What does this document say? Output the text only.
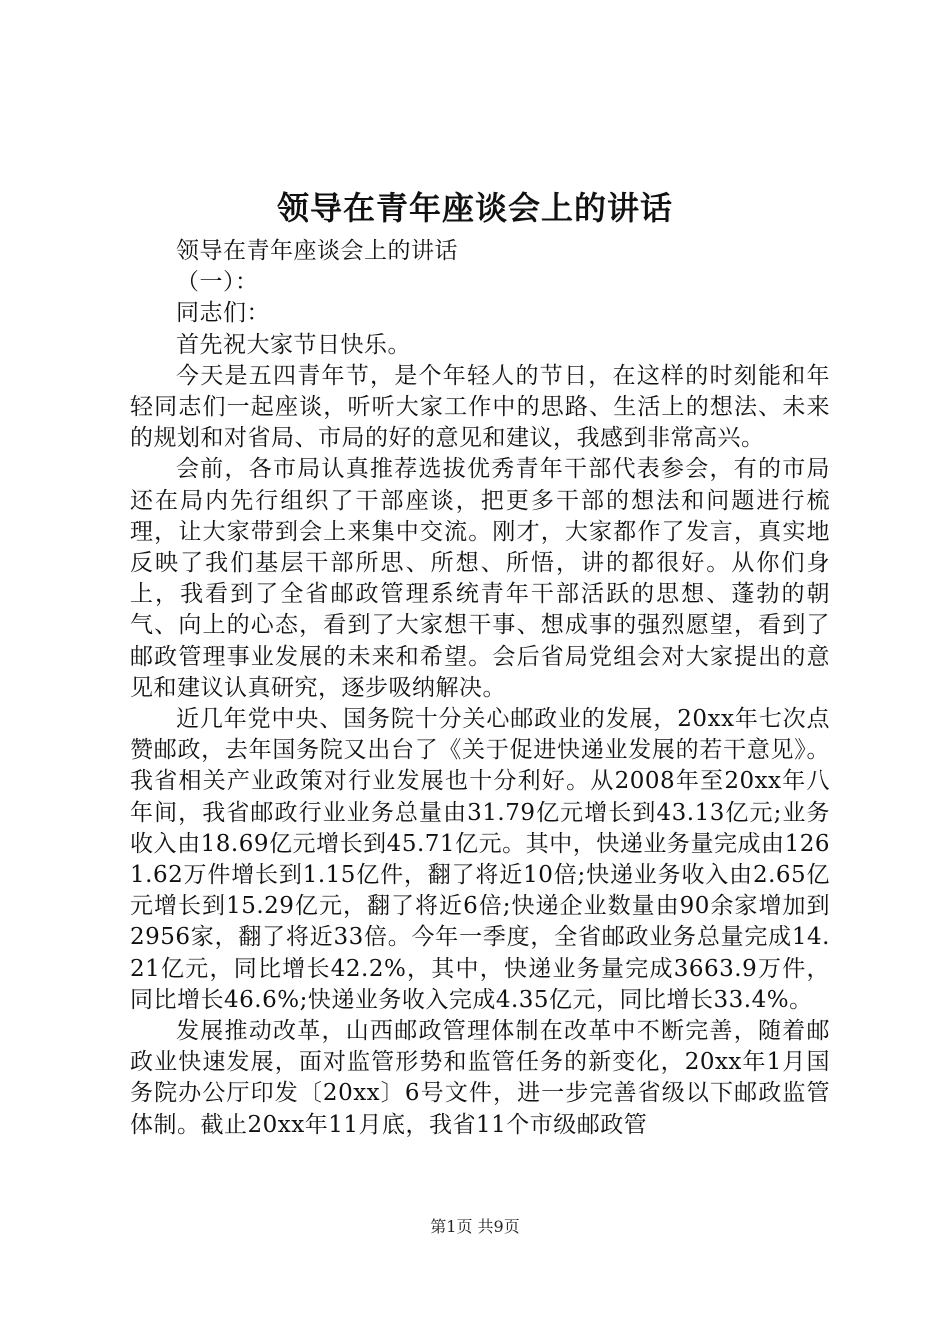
领导在青年座谈会上的讲话

领导在青年座谈会上的讲话

（一）：

同志们：

首先祝大家节日快乐。

今天是五四青年节，是个年轻人的节日，在这样的时刻能和年轻同志们一起座谈，听听大家工作中的思路、生活上的想法、未来的规划和对省局、市局的好的意见和建议，我感到非常高兴。

会前，各市局认真推荐选拔优秀青年干部代表参会，有的市局还在局内先行组织了干部座谈，把更多干部的想法和问题进行梳理，让大家带到会上来集中交流。刚才，大家都作了发言，真实地反映了我们基层干部所思、所想、所悟，讲的都很好。从你们身上，我看到了全省邮政管理系统青年干部活跃的思想、蓬勃的朝气、向上的心态，看到了大家想干事、想成事的强烈愿望，看到了邮政管理事业发展的未来和希望。会后省局党组会对大家提出的意见和建议认真研究，逐步吸纳解决。

近几年党中央、国务院十分关心邮政业的发展，20xx年七次点赞邮政，去年国务院又出台了《关于促进快递业发展的若干意见》。我省相关产业政策对行业发展也十分利好。从2008年至20xx年八年间，我省邮政行业业务总量由31.79亿元增长到43.13亿元;业务收入由18.69亿元增长到45.71亿元。其中，快递业务量完成由1261.62万件增长到1.15亿件，翻了将近10倍;快递业务收入由2.65亿元增长到15.29亿元，翻了将近6倍;快递企业数量由90余家增加到2956家，翻了将近33倍。今年一季度，全省邮政业务总量完成14.21亿元，同比增长42.2%，其中，快递业务量完成3663.9万件，同比增长46.6%;快递业务收入完成4.35亿元，同比增长33.4%。

发展推动改革，山西邮政管理体制在改革中不断完善，随着邮政业快速发展，面对监管形势和监管任务的新变化，20xx年1月国务院办公厅印发〔20xx〕6号文件，进一步完善省级以下邮政监管体制。截止20xx年11月底，我省11个市级邮政管

第1页 共9页
